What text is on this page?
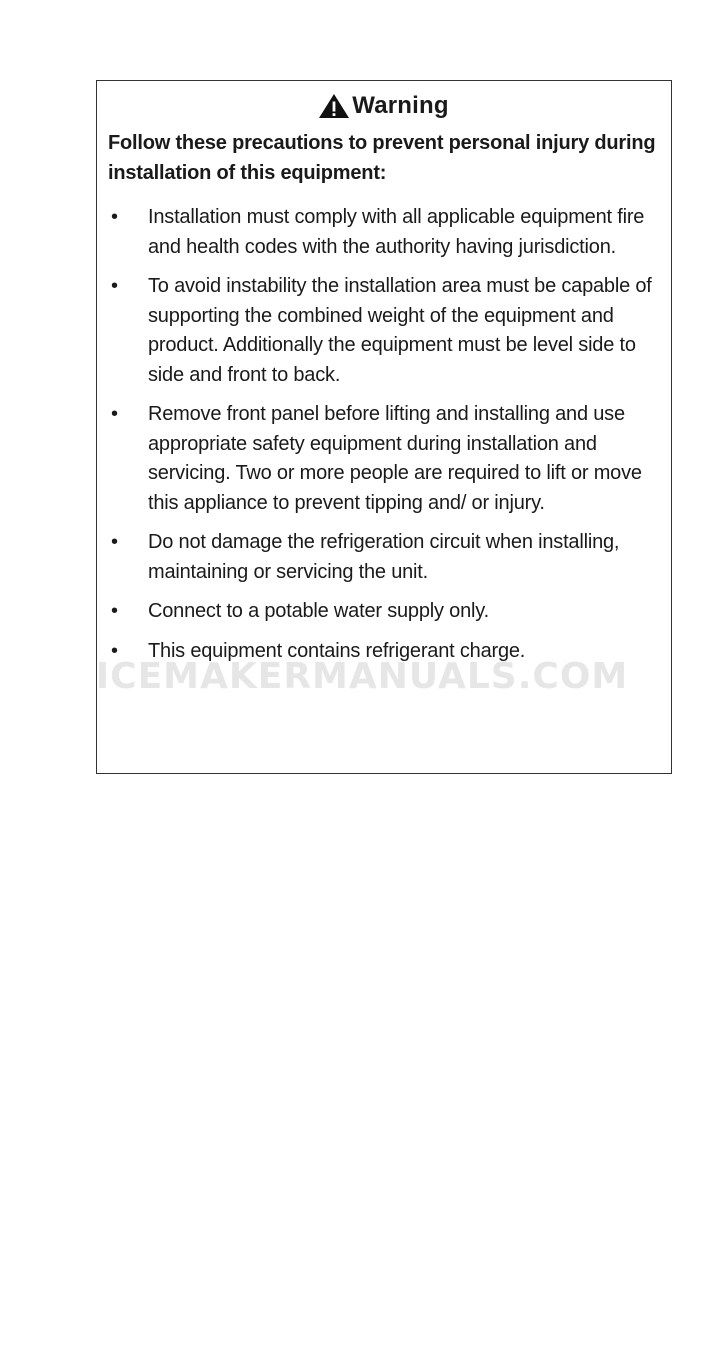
Warning

Follow these precautions to prevent personal injury during installation of this equipment:

•	Installation must comply with all applicable equipment fire and health codes with the authority having jurisdiction.
•	To avoid instability the installation area must be capable of supporting the combined weight of the equipment and product. Additionally the equipment must be level side to side and front to back.
•	Remove front panel before lifting and installing and use appropriate safety equipment during installation and servicing. Two or more people are required to lift or move this appliance to prevent tipping and/ or injury.
•	Do not damage the refrigeration circuit when installing, maintaining or servicing the unit.
•	Connect to a potable water supply only.
•	This equipment contains refrigerant charge.
ICEMAKERMANUALS.COM
